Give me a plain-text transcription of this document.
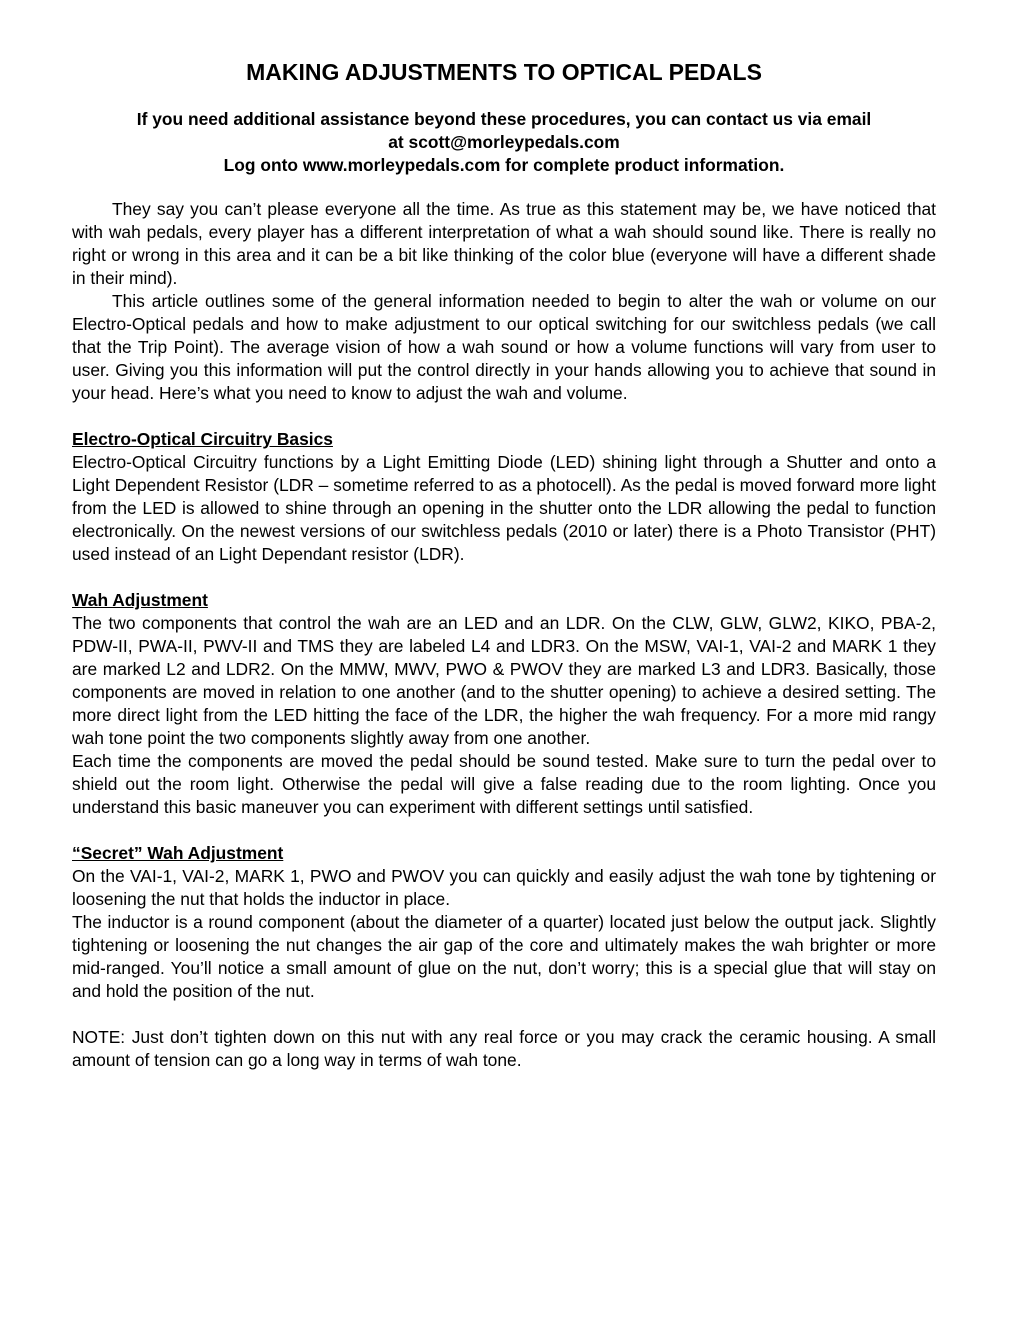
MAKING ADJUSTMENTS TO OPTICAL PEDALS
If you need additional assistance beyond these procedures, you can contact us via email
at scott@morleypedals.com
Log onto www.morleypedals.com for complete product information.

They say you can’t please everyone all the time. As true as this statement may be, we have noticed that with wah pedals, every player has a different interpretation of what a wah should sound like. There is really no right or wrong in this area and it can be a bit like thinking of the color blue (everyone will have a different shade in their mind).

This article outlines some of the general information needed to begin to alter the wah or volume on our Electro-Optical pedals and how to make adjustment to our optical switching for our switchless pedals (we call that the Trip Point). The average vision of how a wah sound or how a volume functions will vary from user to user. Giving you this information will put the control directly in your hands allowing you to achieve that sound in your head. Here’s what you need to know to adjust the wah and volume.

Electro-Optical Circuitry Basics

Electro-Optical Circuitry functions by a Light Emitting Diode (LED) shining light through a Shutter and onto a Light Dependent Resistor (LDR – sometime referred to as a photocell). As the pedal is moved forward more light from the LED is allowed to shine through an opening in the shutter onto the LDR allowing the pedal to function electronically. On the newest versions of our switchless pedals (2010 or later) there is a Photo Transistor (PHT) used instead of an Light Dependant resistor (LDR).

Wah Adjustment

The two components that control the wah are an LED and an LDR. On the CLW, GLW, GLW2, KIKO, PBA-2, PDW-II, PWA-II, PWV-II and TMS they are labeled L4 and LDR3. On the MSW, VAI-1, VAI-2 and MARK 1 they are marked L2 and LDR2. On the MMW, MWV, PWO & PWOV they are marked L3 and LDR3. Basically, those components are moved in relation to one another (and to the shutter opening) to achieve a desired setting. The more direct light from the LED hitting the face of the LDR, the higher the wah frequency. For a more mid rangy wah tone point the two components slightly away from one another.

Each time the components are moved the pedal should be sound tested. Make sure to turn the pedal over to shield out the room light. Otherwise the pedal will give a false reading due to the room lighting. Once you understand this basic maneuver you can experiment with different settings until satisfied.

“Secret” Wah Adjustment

On the VAI-1, VAI-2, MARK 1, PWO and PWOV you can quickly and easily adjust the wah tone by tightening or loosening the nut that holds the inductor in place.

The inductor is a round component (about the diameter of a quarter) located just below the output jack. Slightly tightening or loosening the nut changes the air gap of the core and ultimately makes the wah brighter or more mid-ranged. You’ll notice a small amount of glue on the nut, don’t worry; this is a special glue that will stay on and hold the position of the nut.

NOTE: Just don’t tighten down on this nut with any real force or you may crack the ceramic housing. A small amount of tension can go a long way in terms of wah tone.
